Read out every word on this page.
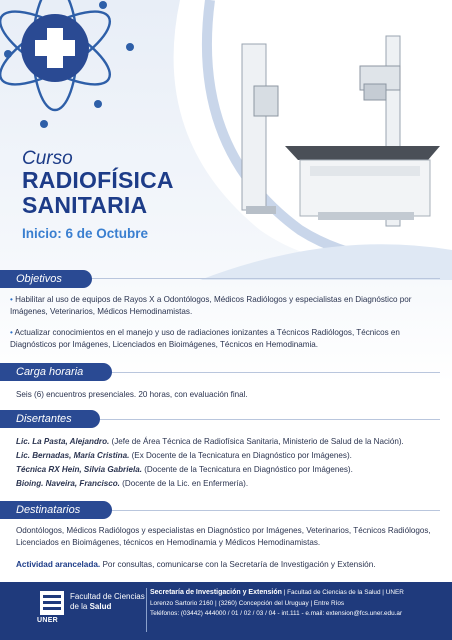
Curso
RADIOFÍSICA
SANITARIA
Inicio: 6 de Octubre
Objetivos
• Habilitar al uso de equipos de Rayos X a Odontólogos, Médicos Radiólogos y especialistas en Diagnóstico por Imágenes, Veterinarios, Médicos Hemodinamistas.
• Actualizar conocimientos en el manejo y uso de radiaciones ionizantes a Técnicos Radiólogos, Técnicos en Diagnósticos por Imágenes, Licenciados en Bioimágenes, Técnicos en Hemodinamia.
Carga horaria
Seis (6) encuentros presenciales. 20 horas, con evaluación final.
Disertantes
Lic. La Pasta, Alejandro. (Jefe de Área Técnica de Radiofísica Sanitaria, Ministerio de Salud de la Nación).
Lic. Bernadas, María Cristina. (Ex Docente de la Tecnicatura en Diagnóstico por Imágenes).
Técnica RX Hein, Silvia Gabriela. (Docente de la Tecnicatura en Diagnóstico por Imágenes).
Bioing. Naveira, Francisco. (Docente de la Lic. en Enfermería).
Destinatarios
Odontólogos, Médicos Radiólogos y especialistas en Diagnóstico por Imágenes, Veterinarios, Técnicos Radiólogos, Licenciados en Bioimágenes, técnicos en Hemodinamia y Médicos Hemodinamistas.
Actividad arancelada. Por consultas, comunicarse con la Secretaría de Investigación y Extensión.
UNER
Facultad de Ciencias
de la Salud
Secretaría de Investigación y Extensión | Facultad de Ciencias de la Salud | UNER
Lorenzo Sartorio 2160 | (3260) Concepción del Uruguay | Entre Ríos
Teléfonos: (03442) 444000 / 01 / 02 / 03 / 04 - int.111 - e.mail: extension@fcs.uner.edu.ar
